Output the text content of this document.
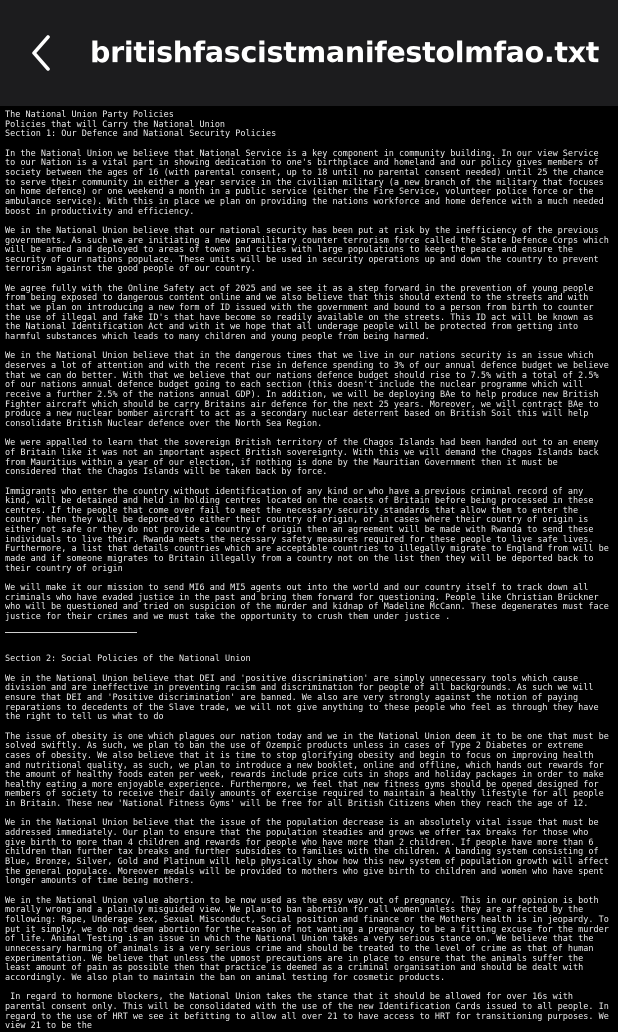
britishfascistmanifestolmfao.txt
The National Union Party Policies
Policies that will Carry the National Union
Section 1: Our Defence and National Security Policies

In the National Union we believe that National Service is a key component in community building. In our view Service to our Nation is a vital part in showing dedication to one's birthplace and homeland and our policy gives members of society between the ages of 16 (with parental consent, up to 18 until no parental consent needed) until 25 the chance to serve their community in either a year service in the civilian military (a new branch of the military that focuses on home defence) or one weekend a month in a public service (either the Fire Service, volunteer police force or the ambulance service). With this in place we plan on providing the nations workforce and home defence with a much needed boost in productivity and efficiency.

We in the National Union believe that our national security has been put at risk by the inefficiency of the previous governments. As such we are initiating a new paramilitary counter terrorism force called the State Defence Corps which will be armed and deployed to areas of towns and cities with large populations to keep the peace and ensure the security of our nations populace. These units will be used in security operations up and down the country to prevent terrorism against the good people of our country.

We agree fully with the Online Safety act of 2025 and we see it as a step forward in the prevention of young people from being exposed to dangerous content online and we also believe that this should extend to the streets and with that we plan on introducing a new form of ID issued with the government and bound to a person from birth to counter the use of illegal and fake ID's that have become so readily available on the streets. This ID act will be known as the National Identification Act and with it we hope that all underage people will be protected from getting into harmful substances which leads to many children and young people from being harmed.

We in the National Union believe that in the dangerous times that we live in our nations security is an issue which deserves a lot of attention and with the recent rise in defence spending to 3% of our annual defence budget we believe that we can do better. With that we believe that our nations defence budget should rise to 7.5% with a total of 2.5% of our nations annual defence budget going to each section (this doesn't include the nuclear programme which will receive a further 2.5% of the nations annual GDP). In addition, we will be deploying BAe to help produce new British Fighter aircraft which should be carry Britains air defence for the next 25 years. Moreover, we will contract BAe to produce a new nuclear bomber aircraft to act as a secondary nuclear deterrent based on British Soil this will help consolidate British Nuclear defence over the North Sea Region.

We were appalled to learn that the sovereign British territory of the Chagos Islands had been handed out to an enemy of Britain like it was not an important aspect British sovereignty. With this we will demand the Chagos Islands back from Mauritius within a year of our election, if nothing is done by the Mauritian Government then it must be considered that the Chagos Islands will be taken back by force.

Immigrants who enter the country without identification of any kind or who have a previous criminal record of any kind, will be detained and held in holding centres located on the coasts of Britain before being processed in these centres. If the people that come over fail to meet the necessary security standards that allow them to enter the country then they will be deported to either their country of origin, or in cases where their country of origin is either not safe or they do not provide a country of origin then an agreement will be made with Rwanda to send these individuals to live their. Rwanda meets the necessary safety measures required for these people to live safe lives. Furthermore, a list that details countries which are acceptable countries to illegally migrate to England from will be made and if someone migrates to Britain illegally from a country not on the list then they will be deported back to their country of origin

We will make it our mission to send MI6 and MI5 agents out into the world and our country itself to track down all criminals who have evaded justice in the past and bring them forward for questioning. People like Christian Brückner who will be questioned and tried on suspicion of the murder and kidnap of Madeline McCann. These degenerates must face justice for their crimes and we must take the opportunity to crush them under justice .

Section 2: Social Policies of the National Union

We in the National Union believe that DEI and 'positive discrimination' are simply unnecessary tools which cause division and are ineffective in preventing racism and discrimination for people of all backgrounds. As such we will ensure that DEI and 'Positive discrimination' are banned. We also are very strongly against the notion of paying reparations to decedents of the Slave trade, we will not give anything to these people who feel as through they have the right to tell us what to do

The issue of obesity is one which plagues our nation today and we in the National Union deem it to be one that must be solved swiftly. As such, we plan to ban the use of Ozempic products unless in cases of Type 2 Diabetes or extreme cases of obesity. We also believe that it is time to stop glorifying obesity and begin to focus on improving health and nutritional quality, as such, we plan to introduce a new booklet, online and offline, which hands out rewards for the amount of healthy foods eaten per week, rewards include price cuts in shops and holiday packages in order to make healthy eating a more enjoyable experience. Furthermore, we feel that new fitness gyms should be opened designed for members of society to receive their daily amounts of exercise required to maintain a healthy lifestyle for all people in Britain. These new 'National Fitness Gyms' will be free for all British Citizens when they reach the age of 12.

We in the National Union believe that the issue of the population decrease is an absolutely vital issue that must be addressed immediately. Our plan to ensure that the population steadies and grows we offer tax breaks for those who give birth to more than 4 children and rewards for people who have more than 2 children. If people have more than 6 children than further tax breaks and further subsidies to families with the children. A banding system consisting of Blue, Bronze, Silver, Gold and Platinum will help physically show how this new system of population growth will affect the general populace. Moreover medals will be provided to mothers who give birth to children and women who have spent longer amounts of time being mothers.

We in the National Union value abortion to be now used as the easy way out of pregnancy. This in our opinion is both morally wrong and a plainly misguided view. We plan to ban abortion for all women unless they are affected by the following: Rape, Underage sex, Sexual Misconduct, Social position and finance or the Mothers health is in jeopardy. To put it simply, we do not deem abortion for the reason of not wanting a pregnancy to be a fitting excuse for the murder of life. Animal Testing is an issue in which the National Union takes a very serious stance on. We believe that the unnecessary harming of animals is a very serious crime and should be treated to the level of crime as that of human experimentation. We believe that unless the upmost precautions are in place to ensure that the animals suffer the least amount of pain as possible then that practice is deemed as a criminal organisation and should be dealt with accordingly. We also plan to maintain the ban on animal testing for cosmetic products.

In regard to hormone blockers, the National Union takes the stance that it should be allowed for over 16s with parental consent only. This will be consolidated with the use of the new Identification Cards issued to all people. In regard to the use of HRT we see it befitting to allow all over 21 to have access to HRT for transitioning purposes. We view 21 to be the
